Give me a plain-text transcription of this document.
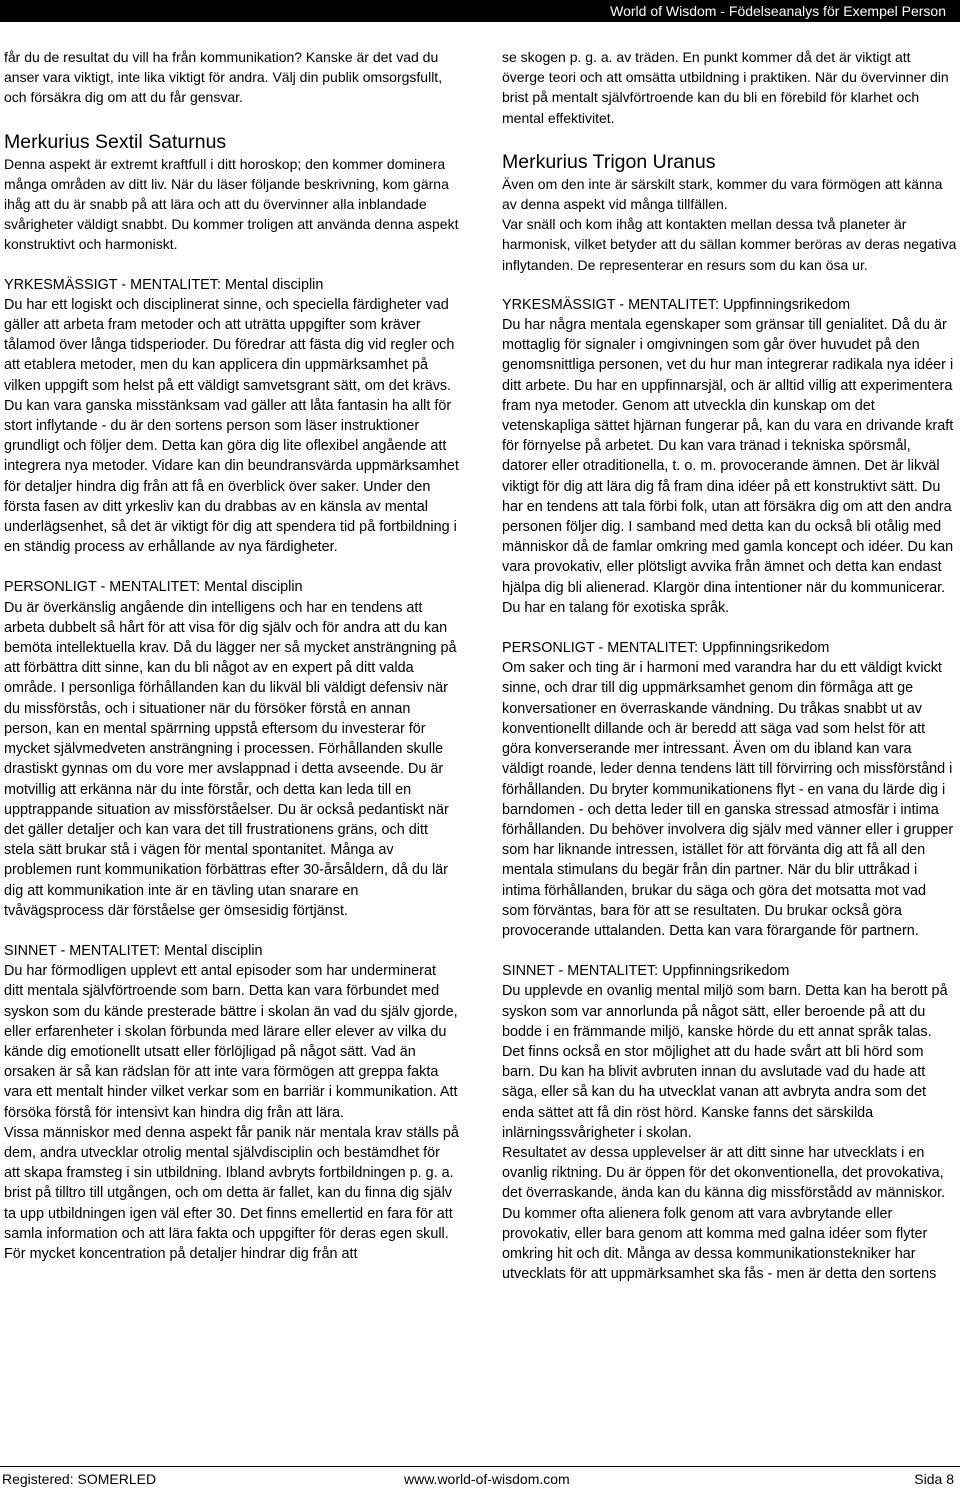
World of Wisdom - Födelseanalys för Exempel Person

får du de resultat du vill ha från kommunikation? Kanske är det vad du anser vara viktigt, inte lika viktigt för andra. Välj din publik omsorgsfullt, och försäkra dig om att du får gensvar.

Merkurius Sextil Saturnus

Denna aspekt är extremt kraftfull i ditt horoskop; den kommer dominera många områden av ditt liv. När du läser följande beskrivning, kom gärna ihåg att du är snabb på att lära och att du övervinner alla inblandade svårigheter väldigt snabbt. Du kommer troligen att använda denna aspekt konstruktivt och harmoniskt.

YRKESMÄSSIGT - MENTALITET: Mental disciplin

Du har ett logiskt och disciplinerat sinne, och speciella färdigheter vad gäller att arbeta fram metoder och att uträtta uppgifter som kräver tålamod över långa tidsperioder. Du föredrar att fästa dig vid regler och att etablera metoder, men du kan applicera din uppmärksamhet på vilken uppgift som helst på ett väldigt samvetsgrant sätt, om det krävs. Du kan vara ganska misstänksam vad gäller att låta fantasin ha allt för stort inflytande - du är den sortens person som läser instruktioner grundligt och följer dem. Detta kan göra dig lite oflexibel angående att integrera nya metoder. Vidare kan din beundransvärda uppmärksamhet för detaljer hindra dig från att få en överblick över saker. Under den första fasen av ditt yrkesliv kan du drabbas av en känsla av mental underlägsenhet, så det är viktigt för dig att spendera tid på fortbildning i en ständig process av erhållande av nya färdigheter.

PERSONLIGT - MENTALITET: Mental disciplin

Du är överkänslig angående din intelligens och har en tendens att arbeta dubbelt så hårt för att visa för dig själv och för andra att du kan bemöta intellektuella krav. Då du lägger ner så mycket ansträngning på att förbättra ditt sinne, kan du bli något av en expert på ditt valda område. I personliga förhållanden kan du likväl bli väldigt defensiv när du missförstås, och i situationer när du försöker förstå en annan person, kan en mental spärrning uppstå eftersom du investerar för mycket självmedveten ansträngning i processen. Förhållanden skulle drastiskt gynnas om du vore mer avslappnad i detta avseende. Du är motvillig att erkänna när du inte förstår, och detta kan leda till en upptrappande situation av missförståelser. Du är också pedantiskt när det gäller detaljer och kan vara det till frustrationens gräns, och ditt stela sätt brukar stå i vägen för mental spontanitet. Många av problemen runt kommunikation förbättras efter 30-årsåldern, då du lär dig att kommunikation inte är en tävling utan snarare en tvåvägsprocess där förståelse ger ömsesidig förtjänst.

SINNET - MENTALITET: Mental disciplin

Du har förmodligen upplevt ett antal episoder som har underminerat ditt mentala självförtroende som barn. Detta kan vara förbundet med syskon som du kände presterade bättre i skolan än vad du själv gjorde, eller erfarenheter i skolan förbunda med lärare eller elever av vilka du kände dig emotionellt utsatt eller förlöjligad på något sätt. Vad än orsaken är så kan rädslan för att inte vara förmögen att greppa fakta vara ett mentalt hinder vilket verkar som en barriär i kommunikation. Att försöka förstå för intensivt kan hindra dig från att lära.

Vissa människor med denna aspekt får panik när mentala krav ställs på dem, andra utvecklar otrolig mental självdisciplin och bestämdhet för att skapa framsteg i sin utbildning. Ibland avbryts fortbildningen p. g. a. brist på tilltro till utgången, och om detta är fallet, kan du finna dig själv ta upp utbildningen igen väl efter 30. Det finns emellertid en fara för att samla information och att lära fakta och uppgifter för deras egen skull. För mycket koncentration på detaljer hindrar dig från att

se skogen p. g. a. av träden. En punkt kommer då det är viktigt att överge teori och att omsätta utbildning i praktiken. När du övervinner din brist på mentalt självförtroende kan du bli en förebild för klarhet och mental effektivitet.

Merkurius Trigon Uranus

Även om den inte är särskilt stark, kommer du vara förmögen att känna av denna aspekt vid många tillfällen.

Var snäll och kom ihåg att kontakten mellan dessa två planeter är harmonisk, vilket betyder att du sällan kommer beröras av deras negativa inflytanden. De representerar en resurs som du kan ösa ur.

YRKESMÄSSIGT - MENTALITET: Uppfinningsrikedom

Du har några mentala egenskaper som gränsar till genialitet. Då du är mottaglig för signaler i omgivningen som går över huvudet på den genomsnittliga personen, vet du hur man integrerar radikala nya idéer i ditt arbete. Du har en uppfinnarsjäl, och är alltid villig att experimentera fram nya metoder. Genom att utveckla din kunskap om det vetenskapliga sättet hjärnan fungerar på, kan du vara en drivande kraft för förnyelse på arbetet. Du kan vara tränad i tekniska spörsmål, datorer eller otraditionella, t. o. m. provocerande ämnen. Det är likväl viktigt för dig att lära dig få fram dina idéer på ett konstruktivt sätt. Du har en tendens att tala förbi folk, utan att försäkra dig om att den andra personen följer dig. I samband med detta kan du också bli otålig med människor då de famlar omkring med gamla koncept och idéer. Du kan vara provokativ, eller plötsligt avvika från ämnet och detta kan endast hjälpa dig bli alienerad. Klargör dina intentioner när du kommunicerar. Du har en talang för exotiska språk.

PERSONLIGT - MENTALITET: Uppfinningsrikedom

Om saker och ting är i harmoni med varandra har du ett väldigt kvickt sinne, och drar till dig uppmärksamhet genom din förmåga att ge konversationer en överraskande vändning. Du tråkas snabbt ut av konventionellt dillande och är beredd att säga vad som helst för att göra konverserande mer intressant. Även om du ibland kan vara väldigt roande, leder denna tendens lätt till förvirring och missförstånd i förhållanden. Du bryter kommunikationens flyt - en vana du lärde dig i barndomen - och detta leder till en ganska stressad atmosfär i intima förhållanden. Du behöver involvera dig själv med vänner eller i grupper som har liknande intressen, istället för att förvänta dig att få all den mentala stimulans du begär från din partner. När du blir uttråkad i intima förhållanden, brukar du säga och göra det motsatta mot vad som förväntas, bara för att se resultaten. Du brukar också göra provocerande uttalanden. Detta kan vara förargande för partnern.

SINNET - MENTALITET: Uppfinningsrikedom

Du upplevde en ovanlig mental miljö som barn. Detta kan ha berott på syskon som var annorlunda på något sätt, eller beroende på att du bodde i en främmande miljö, kanske hörde du ett annat språk talas. Det finns också en stor möjlighet att du hade svårt att bli hörd som barn. Du kan ha blivit avbruten innan du avslutade vad du hade att säga, eller så kan du ha utvecklat vanan att avbryta andra som det enda sättet att få din röst hörd. Kanske fanns det särskilda inlärningssvårigheter i skolan.

Resultatet av dessa upplevelser är att ditt sinne har utvecklats i en ovanlig riktning. Du är öppen för det okonventionella, det provokativa, det överraskande, ända kan du känna dig missförstådd av människor. Du kommer ofta alienera folk genom att vara avbrytande eller provokativ, eller bara genom att komma med galna idéer som flyter omkring hit och dit. Många av dessa kommunikationstekniker har utvecklats för att uppmärksamhet ska fås - men är detta den sortens

Registered: SOMERLED	www.world-of-wisdom.com	Sida 8
